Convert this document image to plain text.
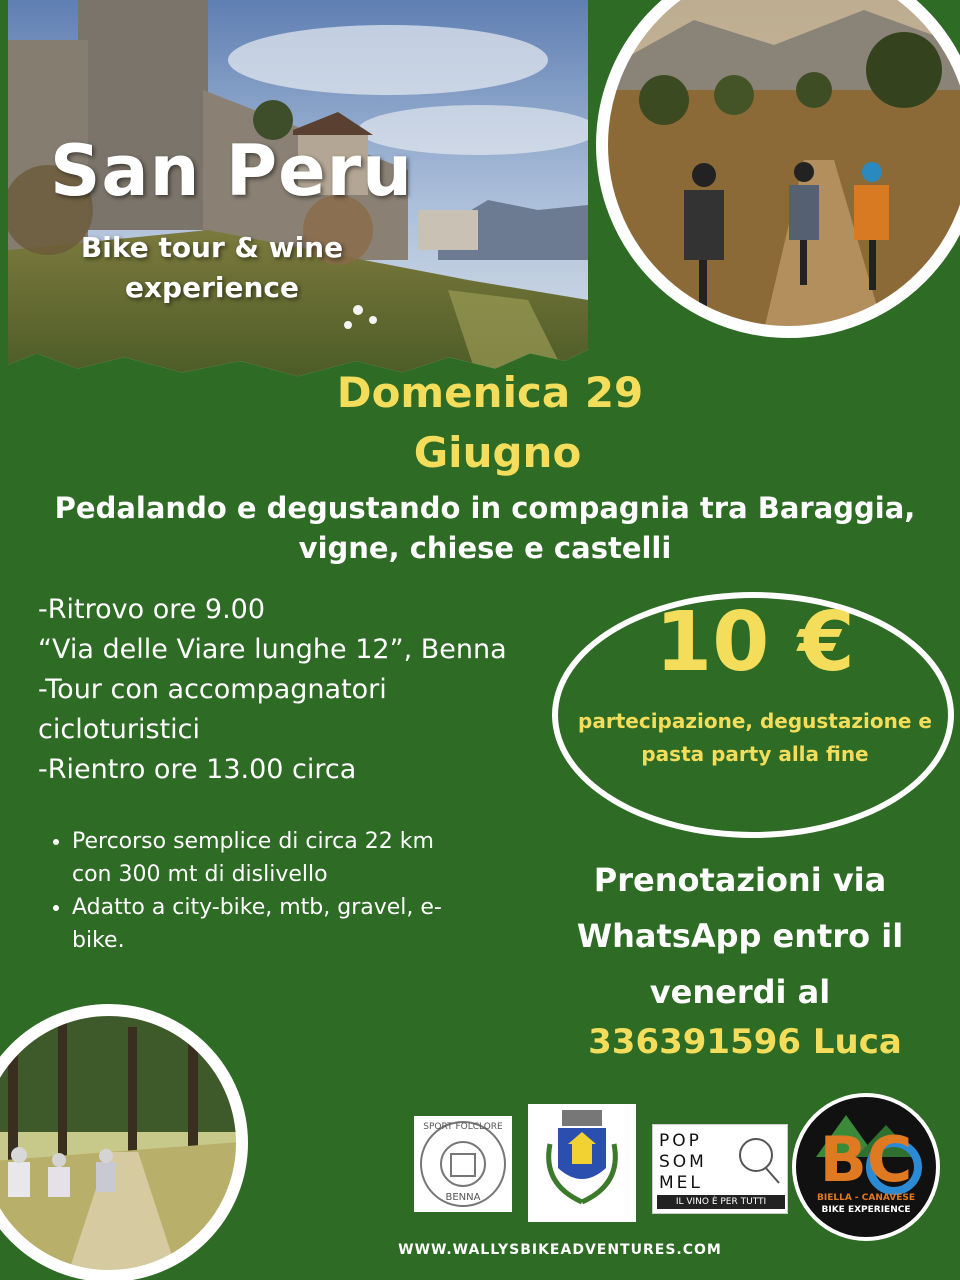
San Peru
Bike tour & wine experience
Domenica 29
Giugno
Pedalando e degustando in compagnia tra Baraggia, vigne, chiese e castelli
-Ritrovo ore 9.00
“Via delle Viare lunghe 12”, Benna
-Tour con accompagnatori
cicloturistici
-Rientro ore 13.00 circa
• Percorso semplice di circa 22 km con 300 mt di dislivello
• Adatto a city-bike, mtb, gravel, e-bike.
10 €
partecipazione, degustazione e pasta party alla fine
Prenotazioni via WhatsApp entro il venerdi al
336391596 Luca
SPORT FOLCLORE
BENNA
POP
SOM
MEL
IL VINO È PER TUTTI
BC
BIELLA - CANAVESE
BIKE EXPERIENCE
WWW.WALLYSBIKEADVENTURES.COM
